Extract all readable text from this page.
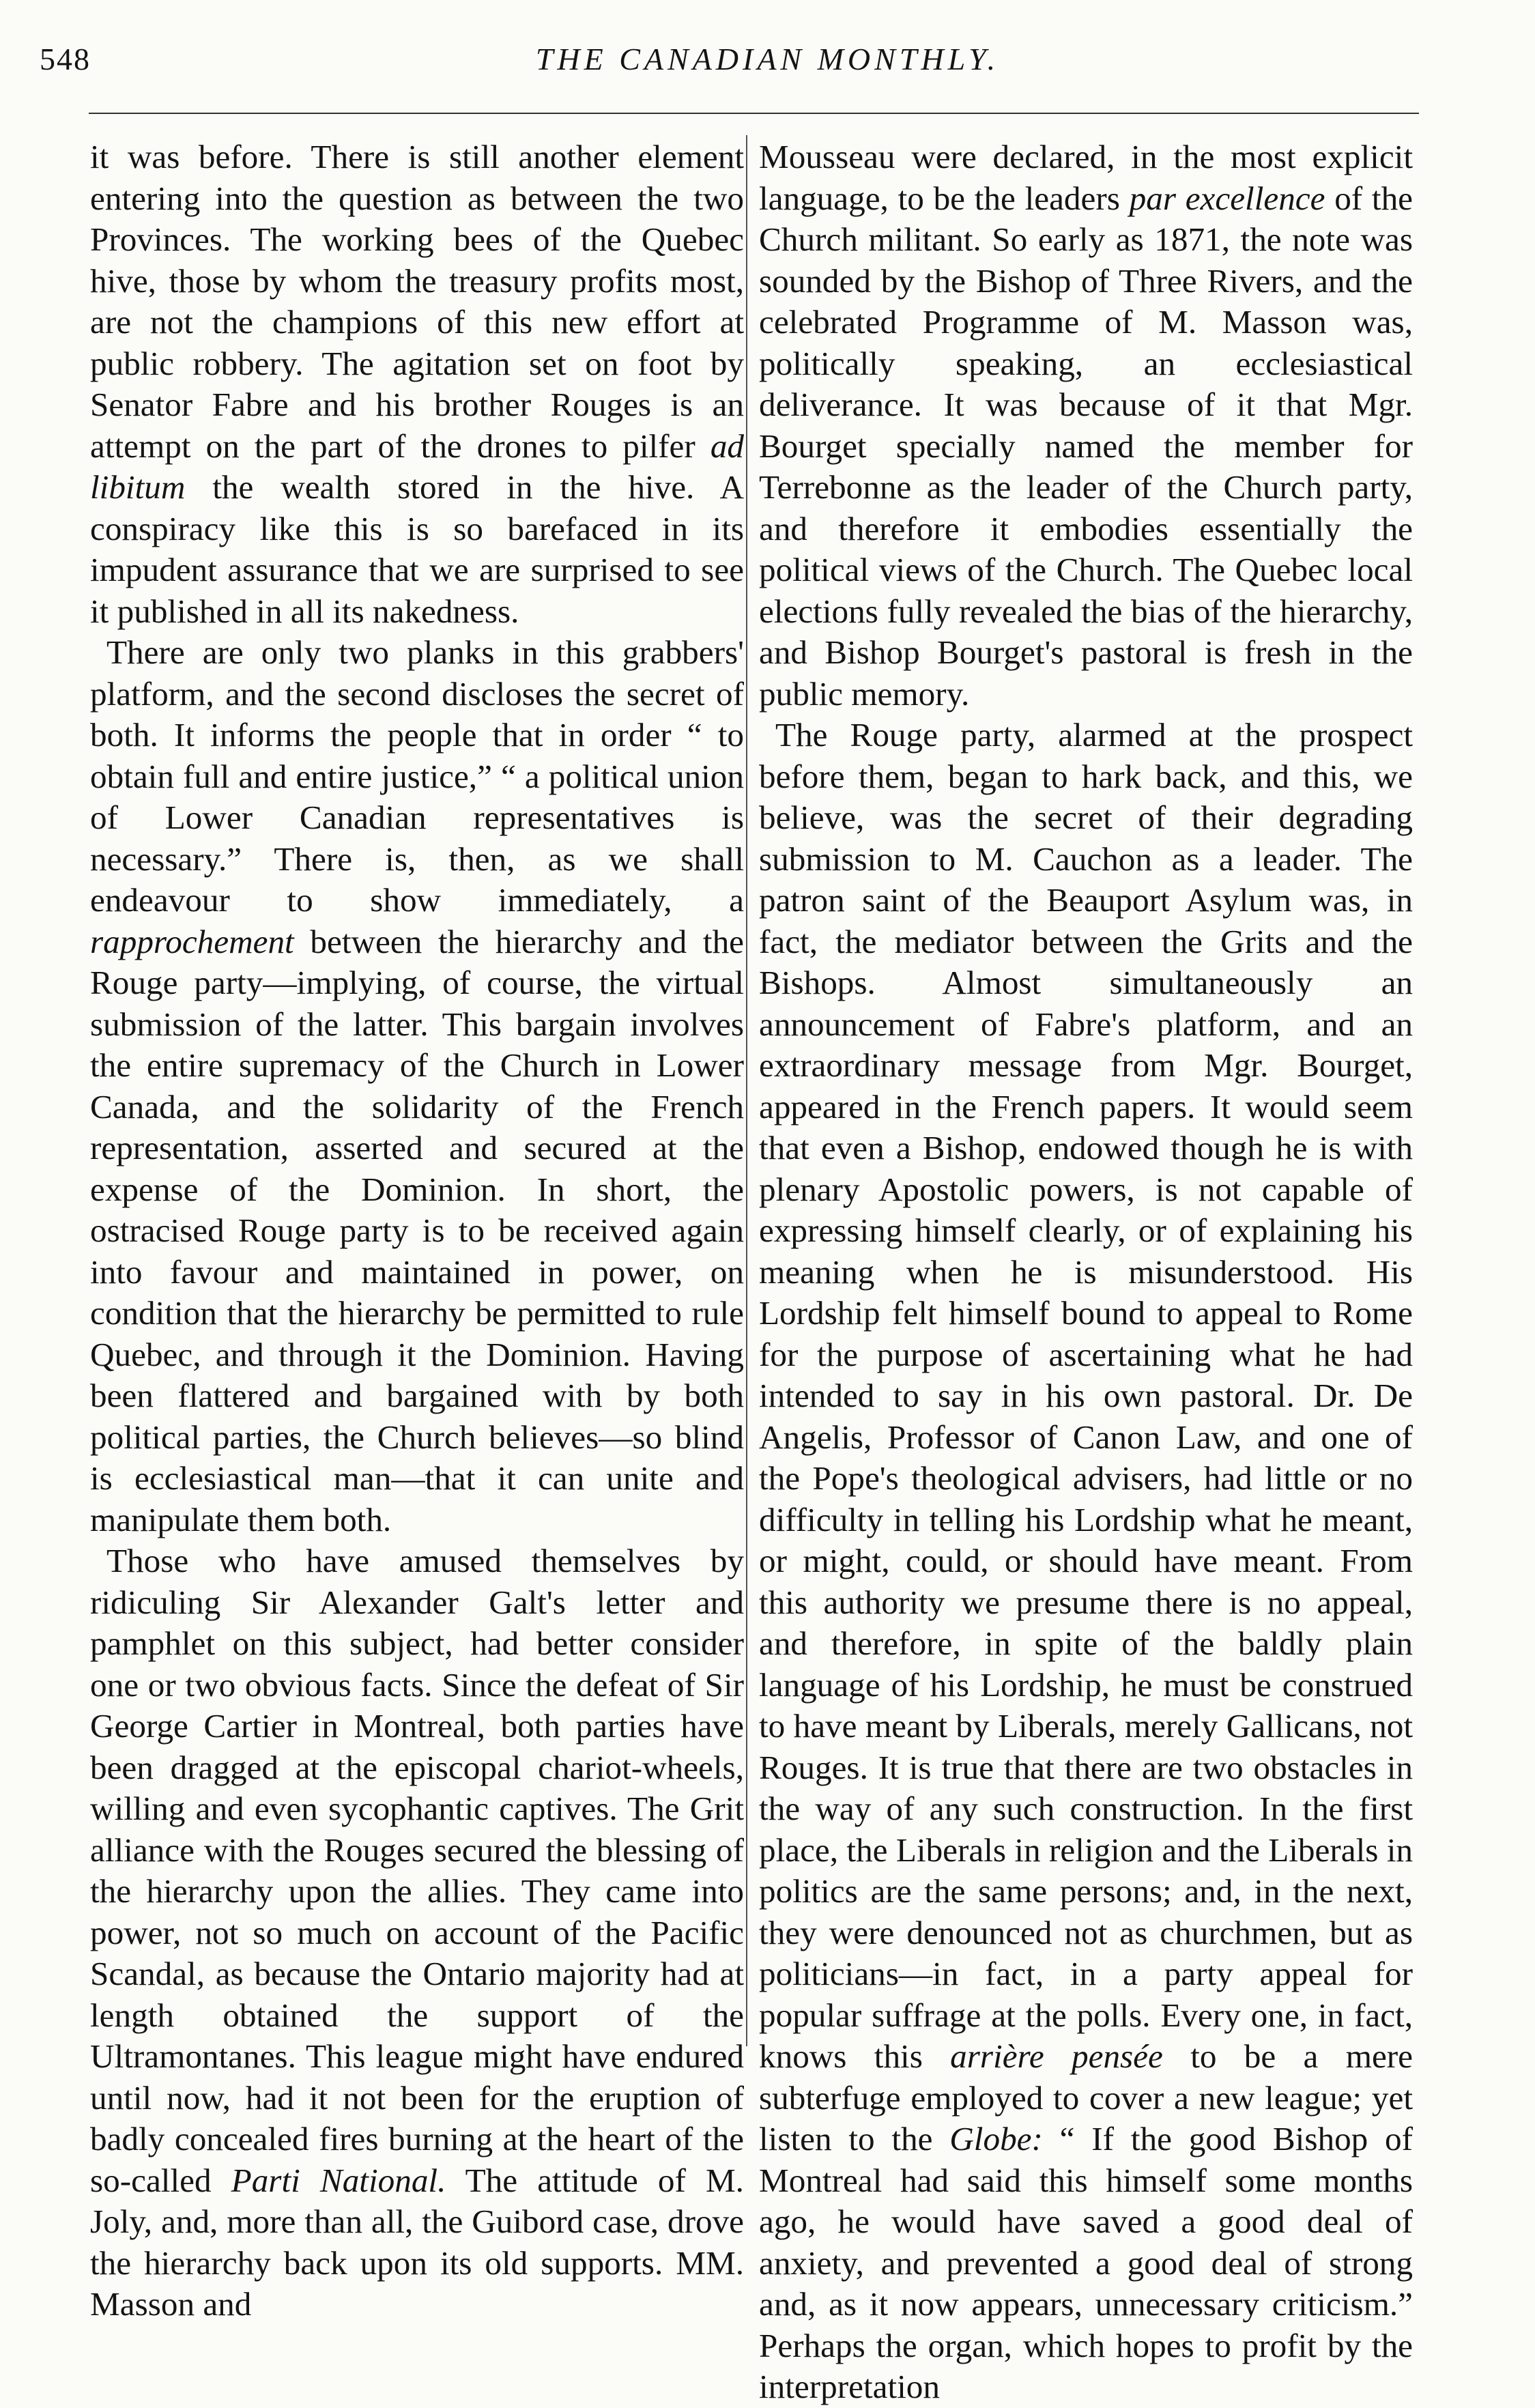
548	THE CANADIAN MONTHLY.

it was before. There is still another element entering into the question as between the two Provinces. The working bees of the Quebec hive, those by whom the treasury profits most, are not the champions of this new effort at public robbery. The agitation set on foot by Senator Fabre and his brother Rouges is an attempt on the part of the drones to pilfer ad libitum the wealth stored in the hive. A conspiracy like this is so barefaced in its impudent assurance that we are surprised to see it published in all its nakedness.

There are only two planks in this grabbers' platform, and the second discloses the secret of both. It informs the people that in order “ to obtain full and entire justice,” “ a political union of Lower Canadian representatives is necessary.” There is, then, as we shall endeavour to show immediately, arapprochement between the hierarchy and the Rouge party—implying, of course, the virtual submission of the latter. This bargain involves the entire supremacy of the Church in Lower Canada, and the solidarity of the French representation, asserted and secured at the expense of the Dominion. In short, the ostracised Rouge party is to be received again into favour and maintained in power, on condition that the hierarchy be permitted to rule Quebec, and through it the Dominion. Having been flattered and bargained with by both political parties, the Church believes—so blind is ecclesiastical man—that it can unite and manipulate them both.

Those who have amused themselves by ridiculing Sir Alexander Galt's letter and pamphlet on this subject, had better consider one or two obvious facts. Since the defeat of Sir George Cartier in Montreal, both parties have been dragged at the episcopal chariot-wheels, willing and even sycophantic captives. The Grit alliance with the Rouges secured the blessing of the hierarchy upon the allies. They came into power, not so much on account of the Pacific Scandal, as because the Ontario majority had at length obtained the support of the Ultramontanes. This league might have endured until now, had it not been for the eruption of badly concealed fires burning at the heart of the so-called Parti National. The attitude of M. Joly, and, more than all, the Guibord case, drove the hierarchy back upon its old supports. MM. Masson and

Mousseau were declared, in the most explicit language, to be the leaders par excellence of the Church militant. So early as 1871, the note was sounded by the Bishop of Three Rivers, and the celebrated Programme of M. Masson was, politically speaking, an ecclesiastical deliverance. It was because of it that Mgr. Bourget specially named the member for Terrebonne as the leader of the Church party, and therefore it embodies essentially the political views of the Church. The Quebec local elections fully revealed the bias of the hierarchy, and Bishop Bourget's pastoral is fresh in the public memory.

The Rouge party, alarmed at the prospect before them, began to hark back, and this, we believe, was the secret of their degrading submission to M. Cauchon as a leader. The patron saint of the Beauport Asylum was, in fact, the mediator between the Grits and the Bishops. Almost simultaneously an announcement of Fabre's platform, and an extraordinary message from Mgr. Bourget, appeared in the French papers. It would seem that even a Bishop, endowed though he is with plenary Apostolic powers, is not capable of expressing himself clearly, or of explaining his meaning when he is misunderstood. His Lordship felt himself bound to appeal to Rome for the purpose of ascertaining what he had intended to say in his own pastoral. Dr. De Angelis, Professor of Canon Law, and one of the Pope's theological advisers, had little or no difficulty in telling his Lordship what he meant, or might, could, or should have meant. From this authority we presume there is no appeal, and therefore, in spite of the baldly plain language of his Lordship, he must be construed to have meant by Liberals, merely Gallicans, not Rouges. It is true that there are two obstacles in the way of any such construction. In the first place, the Liberals in religion and the Liberals in politics are the same persons; and, in the next, they were denounced not as churchmen, but as politicians—in fact, in a party appeal for popular suffrage at the polls. Every one, in fact, knows this arrière pensée to be a mere subterfuge employed to cover a new league; yet listen to the Globe: “ If the good Bishop of Montreal had said this himself some months ago, he would have saved a good deal of anxiety, and prevented a good deal of strong and, as it now appears, unnecessary criticism.” Perhaps the organ, which hopes to profit by the interpretation
